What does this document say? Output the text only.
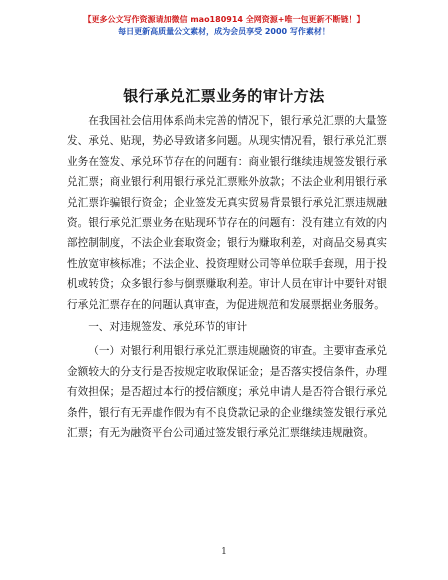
【更多公文写作资源请加微信 mao180914 全网资源+唯一包更新不断链！】
每日更新高质量公文素材，成为会员享受 2000 写作素材！
银行承兑汇票业务的审计方法

在我国社会信用体系尚未完善的情况下，银行承兑汇票的大量签发、承兑、贴现，势必导致诸多问题。从现实情况看，银行承兑汇票业务在签发、承兑环节存在的问题有：商业银行继续违规签发银行承兑汇票；商业银行利用银行承兑汇票账外放款；不法企业利用银行承兑汇票诈骗银行资金；企业签发无真实贸易背景银行承兑汇票违规融资。银行承兑汇票业务在贴现环节存在的问题有：没有建立有效的内部控制制度，不法企业套取资金；银行为赚取利差，对商品交易真实性放宽审核标准；不法企业、投资理财公司等单位联手套现，用于投机或转贷；众多银行参与倒票赚取利差。审计人员在审计中要针对银行承兑汇票存在的问题认真审查，为促进规范和发展票据业务服务。

一、对违规签发、承兑环节的审计

（一）对银行利用银行承兑汇票违规融资的审查。主要审查承兑金额较大的分支行是否按规定收取保证金；是否落实授信条件，办理有效担保；是否超过本行的授信额度；承兑申请人是否符合银行承兑条件，银行有无弄虚作假为有不良贷款记录的企业继续签发银行承兑汇票；有无为融资平台公司通过签发银行承兑汇票继续违规融资。

1
